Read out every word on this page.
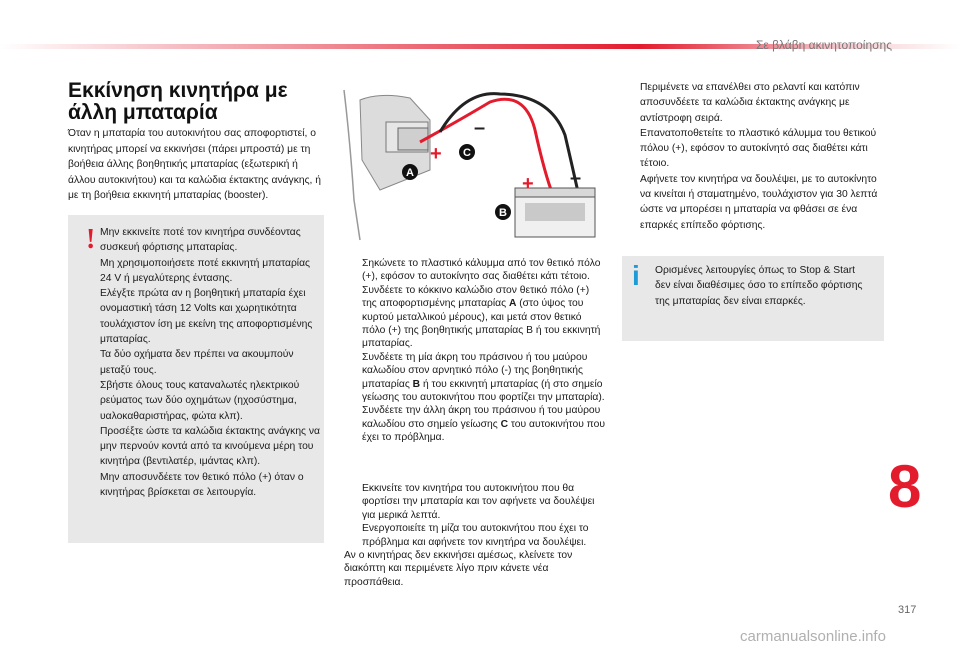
Σε βλάβη ακινητοποίησης
Εκκίνηση κινητήρα με άλλη μπαταρία

Όταν η μπαταρία του αυτοκινήτου σας αποφορτιστεί, ο κινητήρας μπορεί να εκκινήσει (πάρει μπροστά) με τη βοήθεια άλλης βοηθητικής μπαταρίας (εξωτερική ή άλλου αυτοκινήτου) και τα καλώδια έκτακτης ανάγκης, ή με τη βοήθεια εκκινητή μπαταρίας (booster).

! Μην εκκινείτε ποτέ τον κινητήρα συνδέοντας συσκευή φόρτισης μπαταρίας.

Μη χρησιμοποιήσετε ποτέ εκκινητή μπαταρίας 24 V ή μεγαλύτερης έντασης.

Ελέγξτε πρώτα αν η βοηθητική μπαταρία έχει ονομαστική τάση 12 Volts και χωρητικότητα τουλάχιστον ίση με εκείνη της αποφορτισμένης μπαταρίας.

Τα δύο οχήματα δεν πρέπει να ακουμπούν μεταξύ τους.

Σβήστε όλους τους καταναλωτές ηλεκτρικού ρεύματος των δύο οχημάτων (ηχοσύστημα, υαλοκαθαριστήρας, φώτα κλπ).

Προσέξτε ώστε τα καλώδια έκτακτης ανάγκης να μην περνούν κοντά από τα κινούμενα μέρη του κινητήρα (βεντιλατέρ, ιμάντας κλπ).

Μην αποσυνδέετε τον θετικό πόλο (+) όταν ο κινητήρας βρίσκεται σε λειτουργία.

+
+
–
–
A
B
C
Σηκώνετε το πλαστικό κάλυμμα από τον θετικό πόλο (+), εφόσον το αυτοκίνητο σας διαθέτει κάτι τέτοιο.
Συνδέετε το κόκκινο καλώδιο στον θετικό πόλο (+) της αποφορτισμένης μπαταρίας A (στο ύψος του κυρτού μεταλλικού μέρους), και μετά στον θετικό πόλο (+) της βοηθητικής μπαταρίας B ή του εκκινητή μπαταρίας.
Συνδέετε τη μία άκρη του πράσινου ή του μαύρου καλωδίου στον αρνητικό πόλο (-) της βοηθητικής μπαταρίας B ή του εκκινητή μπαταρίας (ή στο σημείο γείωσης του αυτοκινήτου που φορτίζει την μπαταρία).
Συνδέετε την άλλη άκρη του πράσινου ή του μαύρου καλωδίου στο σημείο γείωσης C του αυτοκινήτου που έχει το πρόβλημα.
Εκκινείτε τον κινητήρα του αυτοκινήτου που θα φορτίσει την μπαταρία και τον αφήνετε να δουλέψει για μερικά λεπτά.
Ενεργοποιείτε τη μίζα του αυτοκινήτου που έχει το πρόβλημα και αφήνετε τον κινητήρα να δουλέψει.

Αν ο κινητήρας δεν εκκινήσει αμέσως, κλείνετε τον διακόπτη και περιμένετε λίγο πριν κάνετε νέα προσπάθεια.

Περιμένετε να επανέλθει στο ρελαντί και κατόπιν αποσυνδέετε τα καλώδια έκτακτης ανάγκης με αντίστροφη σειρά.
Επανατοποθετείτε το πλαστικό κάλυμμα του θετικού πόλου (+), εφόσον το αυτοκίνητό σας διαθέτει κάτι τέτοιο.
Αφήνετε τον κινητήρα να δουλέψει, με το αυτοκίνητο να κινείται ή σταματημένο, τουλάχιστον για 30 λεπτά ώστε να μπορέσει η μπαταρία να φθάσει σε ένα επαρκές επίπεδο φόρτισης.
i Ορισμένες λειτουργίες όπως το Stop & Start δεν είναι διαθέσιμες όσο το επίπεδο φόρτισης της μπαταρίας δεν είναι επαρκές.

8
317
carmanualsonline.info
